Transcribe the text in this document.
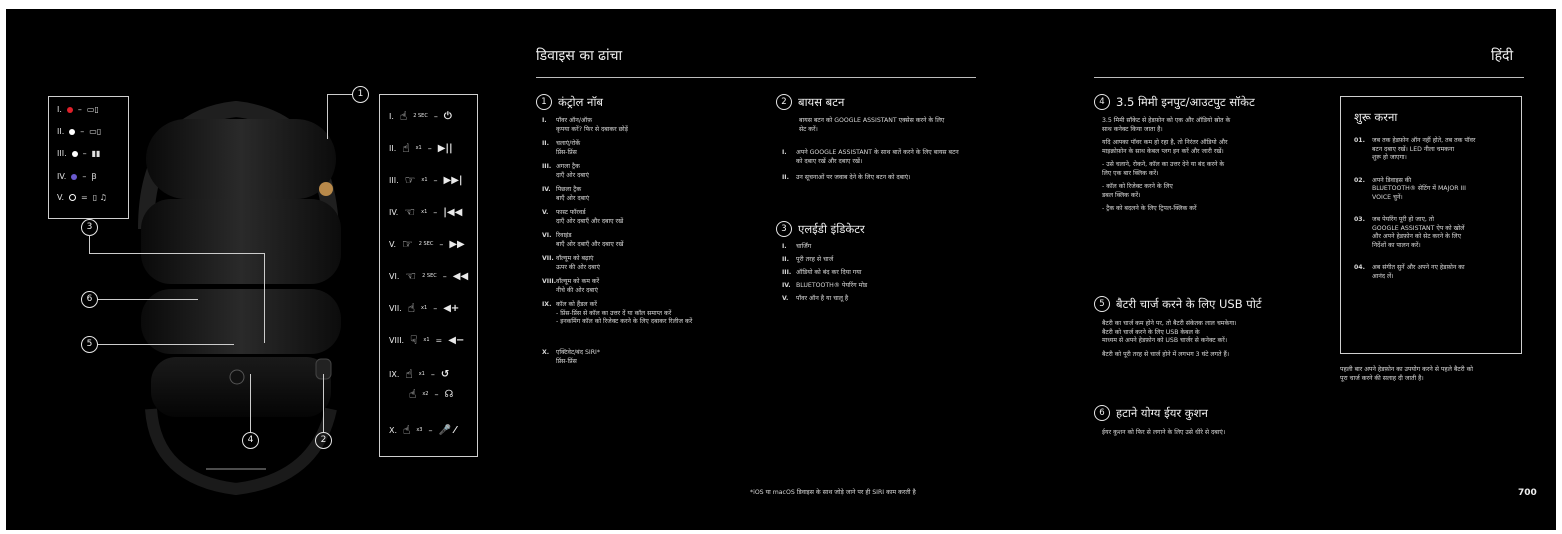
I. – ▭▯
II. – ▭▯
III. – ▮▮
IV. – Ꞵ
V. = ▯ ♫
1
3
6
5
4	2
I. ☝ 2 SEC – ⏻
II. ☝ x1 – ▶||
III. ☞ x1 – ▶▶|
IV. ☜ x1 – |◀◀
V. ☞ 2 SEC – ▶▶
VI. ☜ 2 SEC – ◀◀
VII. ☝ x1 – ◀+
VIII. ☟ x1 = ◀−
IX. ☝ x1 – ↺
☝ x2 – ☊
X. ☝ x3 – 🎤 ⁄
डिवाइस का ढांचा
1 कंट्रोल नॉब	2 बायस बटन
बायस बटन को GOOGLE ASSISTANT एक्सेस करने के लिए
सेट करें।
3 एलईडी इंडिकेटर
*iOS या macOS डिवाइस के साथ जोड़े जाने पर ही SIRI काम करती है
हिंदी
4 3.5 मिमी इनपुट/आउटपुट सॉकेट
5 बैटरी चार्ज करने के लिए USB पोर्ट
6 हटाने योग्य ईयर कुशन
शुरू करना
01. जब तक हेडफ़ोन ऑन नहीं होते, तब तक पॉवर
बटन दबाए रखें। LED नीला चमकना
शुरू हो जाएगा।
02. अपने डिवाइस की
BLUETOOTH® सेटिंग में MAJOR III
VOICE चुनें।
03. जब पेयरिंग पूरी हो जाए, तो
GOOGLE ASSISTANT ऐप को खोलें
और अपने हेडफ़ोन को सेट करने के लिए
निर्देशों का पालन करें।
04. अब संगीत सुनें और अपने नए हेडफ़ोन का
आनंद लें।
पहली बार अपने हेडफ़ोन का उपयोग करने से पहले बैटरी को
पूरा चार्ज करने की सलाह दी जाती है।
700
I. पॉवर ऑन/ऑफ़
कृपया करें? फिर से दबाकर छोड़ें
II. चलाएं/रोकें
प्रिंस-प्रिंस
III. अगला ट्रैक
दाएँ ओर दबाएं
IV. पिछला ट्रैक
बाएँ ओर दबाएं
V. फास्ट फॉरवर्ड
दाएँ ओर दबाएँ और दबाए रखें
VI. रिवाइंड
बाएँ ओर दबाएँ और दबाए रखें
VII. वॉल्यूम को बढ़ाएं
ऊपर की ओर दबाएं
VIII. वॉल्यूम को कम करें
नीचे की ओर दबाएं
IX. कॉल को हैंडल करें
- प्रिंस-प्रिंस से कॉल का उत्तर दें या कॉल समाप्त करें
- इनकमिंग कॉल को रिजेक्ट करने के लिए दबाकर रिलीज करें
X. एक्टिवेट/बंद SIRI*
प्रिंस-प्रिंस
I. अपने GOOGLE ASSISTANT के साथ बातें करने के लिए बायस बटन
को दबाए रखें और दबाए रखें।
II. उन सूचनाओं पर जवाब देने के लिए बटन को दबाएं।
I. चार्जिंग
II. पूरी तरह से चार्ज
III. ऑडियो को बंद कर दिया गया
IV. BLUETOOTH® पेयरिंग मोड
V. पॉवर ऑन है या चालू है
3.5 मिमी सॉकेट से हेडफ़ोन को एक और ऑडियो स्रोत के
साथ कनेक्ट किया जाता है।
यदि आपका पॉवर कम हो रहा है, तो निरंतर ऑडियो और
माइक्रोफ़ोन के साथ केबल प्लग इन करें और जारी रखें।
- उसे चलाने, रोकने, कॉल का उत्तर देने या बंद करने के
लिए एक बार क्लिक करें।
- कॉल को रिजेक्ट करने के लिए
डबल क्लिक करें।
- ट्रैक को बदलने के लिए ट्रिपल-क्लिक करें
बैटरी का चार्ज कम होने पर, तो बैटरी संकेतक लाल चमकेगा।
बैटरी को चार्ज करने के लिए USB केबल के
माध्यम से अपने हेडफ़ोन को USB चार्जर से कनेक्ट करें।
बैटरी को पूरी तरह से चार्ज होने में लगभग 3 घंटे लगते हैं।
ईयर कुशन को फिर से लगाने के लिए उसे धीरे से दबाएं।
